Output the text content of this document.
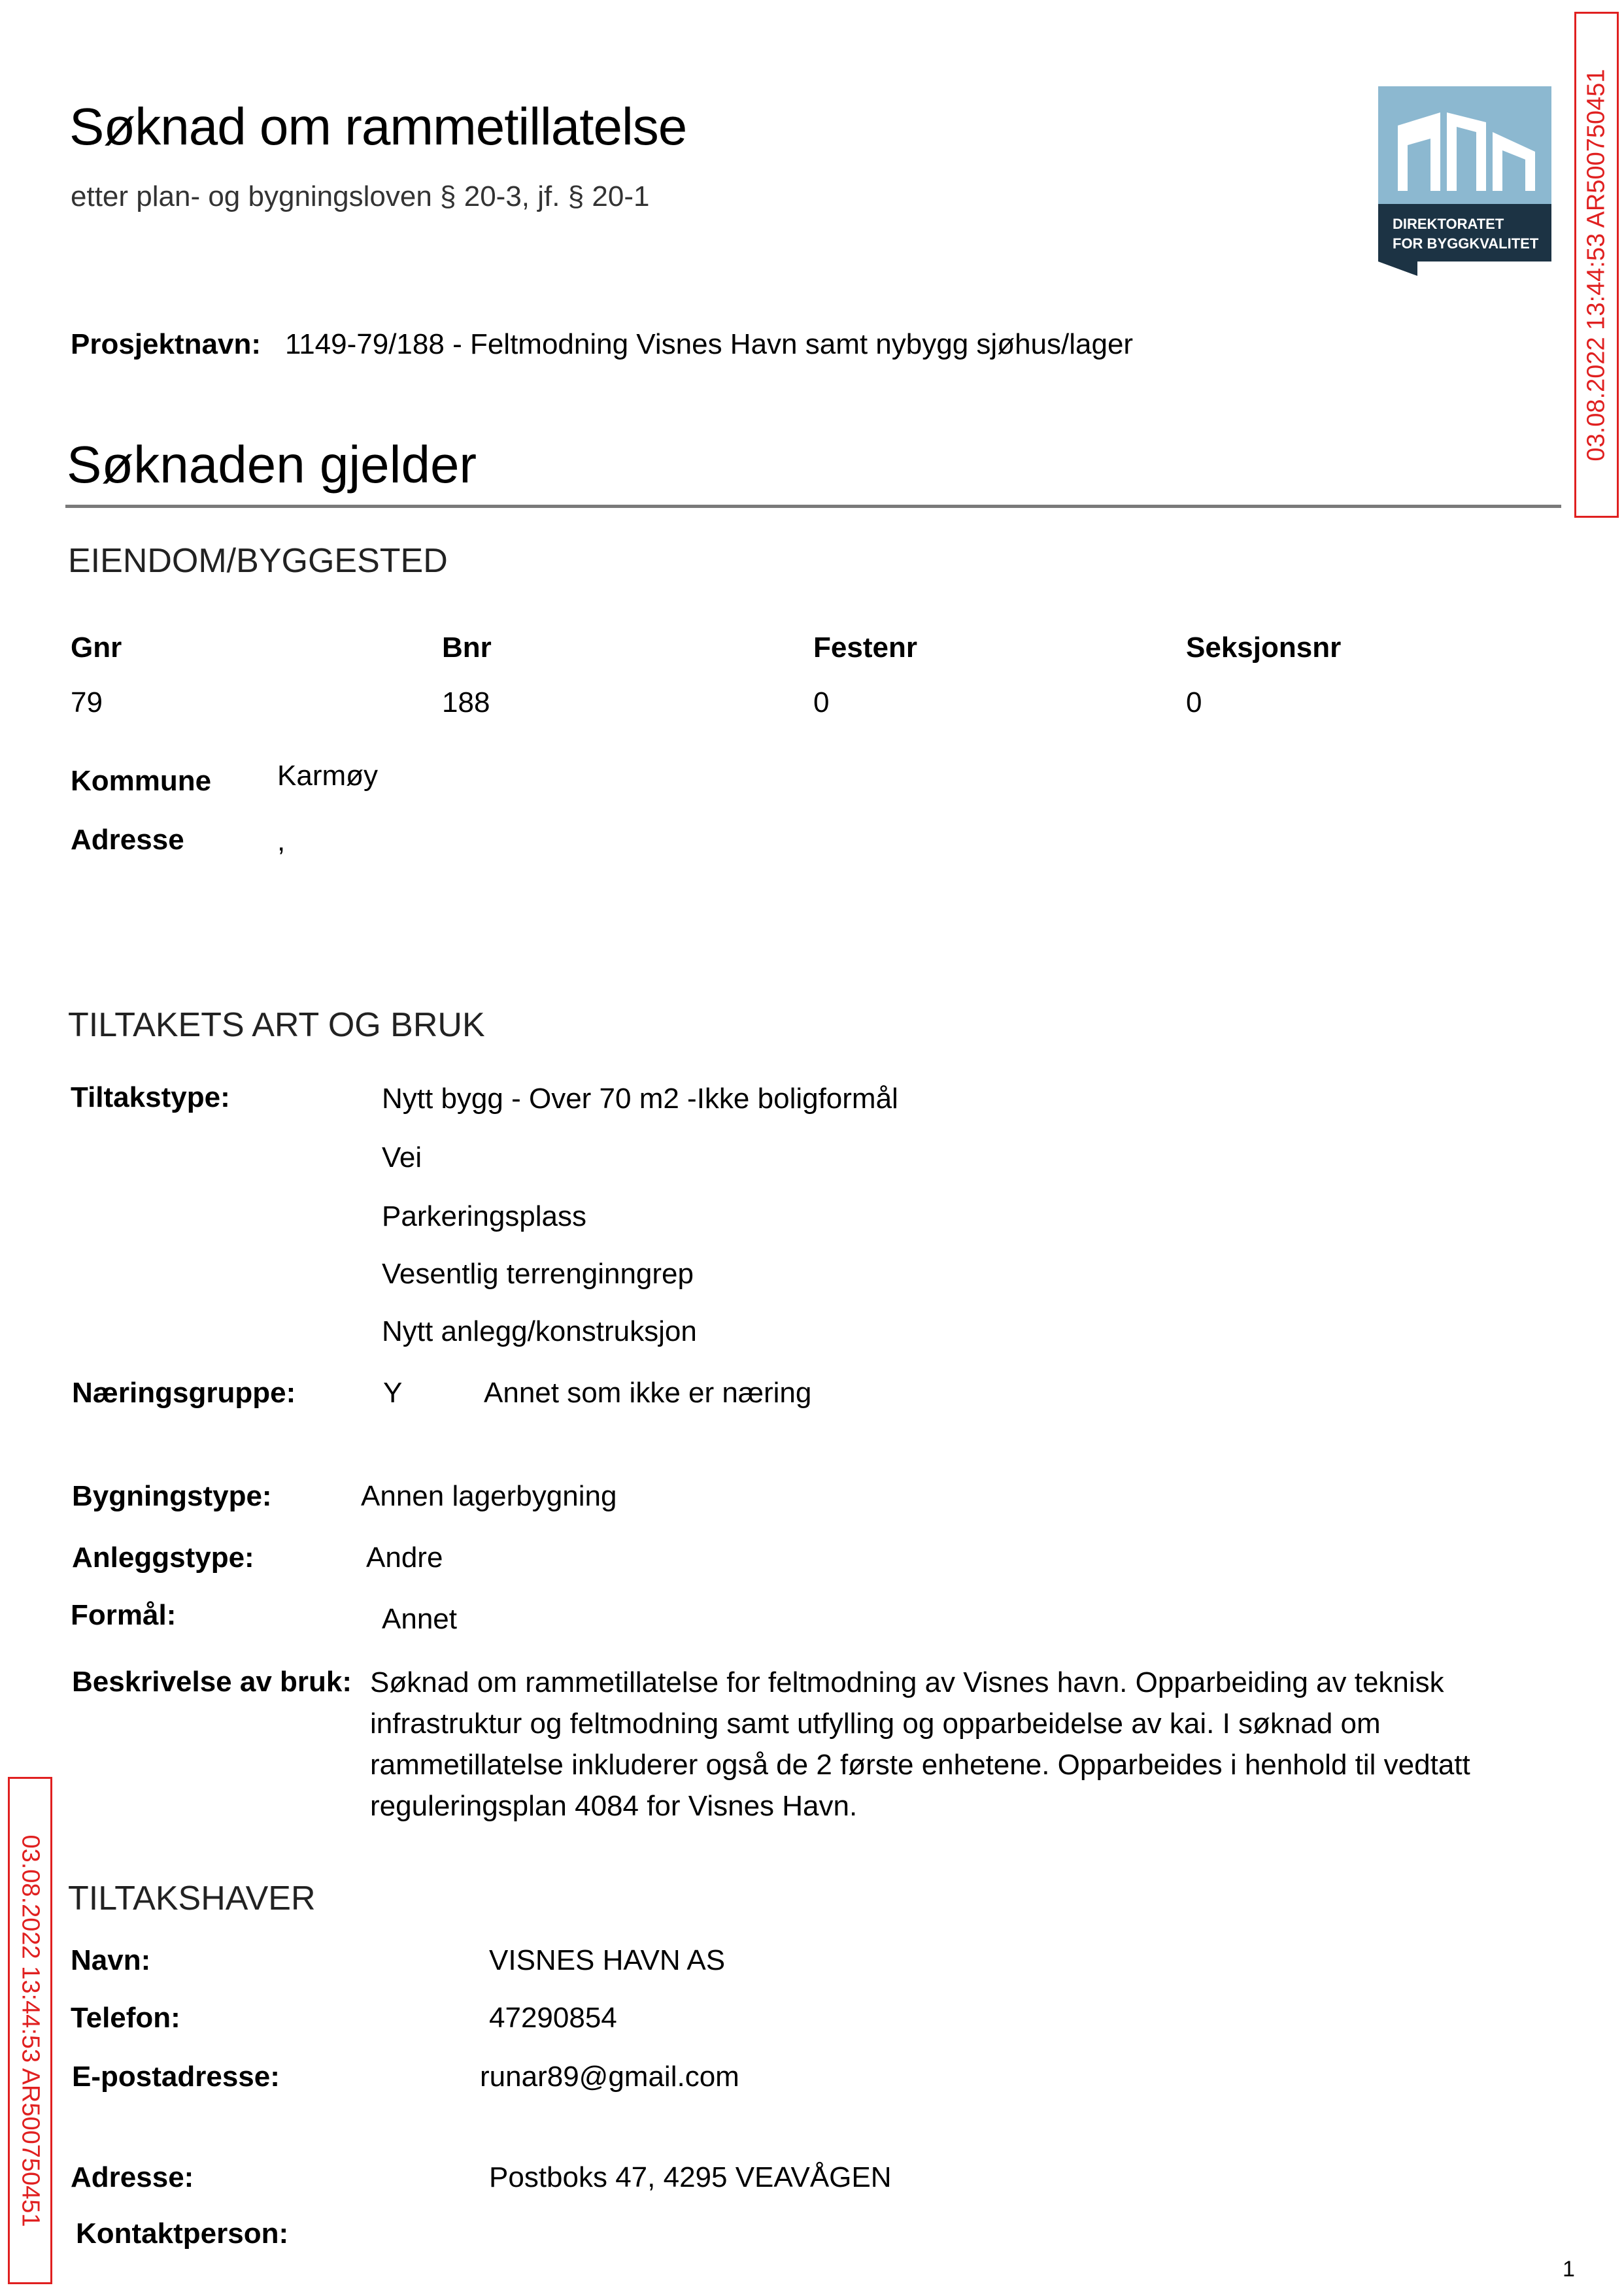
Søknad om rammetillatelse
etter plan- og bygningsloven § 20-3, jf. § 20-1
DIREKTORATET
FOR BYGGKVALITET 03.08.2022 13:44:53 AR500750451
03.08.2022 13:44:53 AR500750451
Prosjektnavn: 1149-79/188 - Feltmodning Visnes Havn samt nybygg sjøhus/lager
Søknaden gjelder
EIENDOM/BYGGESTED
Gnr	Bnr	Festenr	Seksjonsnr
79	188	0	0
Kommune Karmøy
Adresse	,
TILTAKETS ART OG BRUK
Tiltakstype:	Nytt bygg - Over 70 m2 -Ikke boligformål
Vei
Parkeringsplass
Vesentlig terrenginngrep
Nytt anlegg/konstruksjon
Næringsgruppe:	Y	Annet som ikke er næring
Bygningstype:	Annen lagerbygning
Anleggstype:	Andre
Formål:	Annet
Beskrivelse av bruk: Søknad om rammetillatelse for feltmodning av Visnes havn. Opparbeiding av teknisk infrastruktur og feltmodning samt utfylling og opparbeidelse av kai. I søknad om rammetillatelse inkluderer også de 2 første enhetene. Opparbeides i henhold til vedtatt reguleringsplan 4084 for Visnes Havn.
TILTAKSHAVER
Navn:	VISNES HAVN AS
Telefon:	47290854
E-postadresse:	runar89@gmail.com
Adresse:	Postboks 47, 4295 VEAVÅGEN
Kontaktperson:
1
